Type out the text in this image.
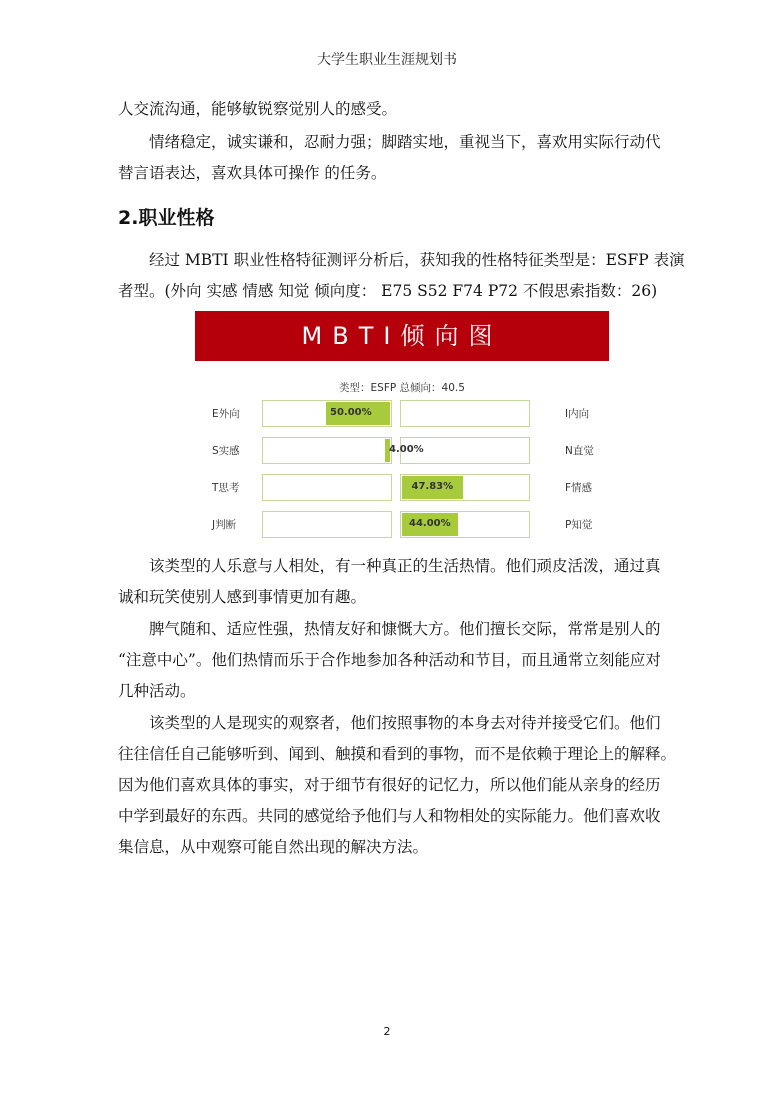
大学生职业生涯规划书
人交流沟通，能够敏锐察觉别人的感受。
情绪稳定，诚实谦和，忍耐力强；脚踏实地，重视当下，喜欢用实际行动代
替言语表达，喜欢具体可操作 的任务。
2.职业性格
经过 MBTI 职业性格特征测评分析后，获知我的性格特征类型是：ESFP 表演
者型。(外向 实感 情感 知觉 倾向度： E75 S52 F74 P72 不假思索指数：26)
MBTI倾向图
类型：ESFP 总倾向：40.5
E外向	I内向
50.00%
S实感	N直觉
4.00%
T思考	F情感
47.83%
J判断	P知觉
44.00%
该类型的人乐意与人相处，有一种真正的生活热情。他们顽皮活泼，通过真
诚和玩笑使别人感到事情更加有趣。
脾气随和、适应性强，热情友好和慷慨大方。他们擅长交际，常常是别人的
“注意中心”。他们热情而乐于合作地参加各种活动和节目，而且通常立刻能应对
几种活动。
该类型的人是现实的观察者，他们按照事物的本身去对待并接受它们。他们
往往信任自己能够听到、闻到、触摸和看到的事物，而不是依赖于理论上的解释。
因为他们喜欢具体的事实，对于细节有很好的记忆力，所以他们能从亲身的经历
中学到最好的东西。共同的感觉给予他们与人和物相处的实际能力。他们喜欢收
集信息，从中观察可能自然出现的解决方法。
2
